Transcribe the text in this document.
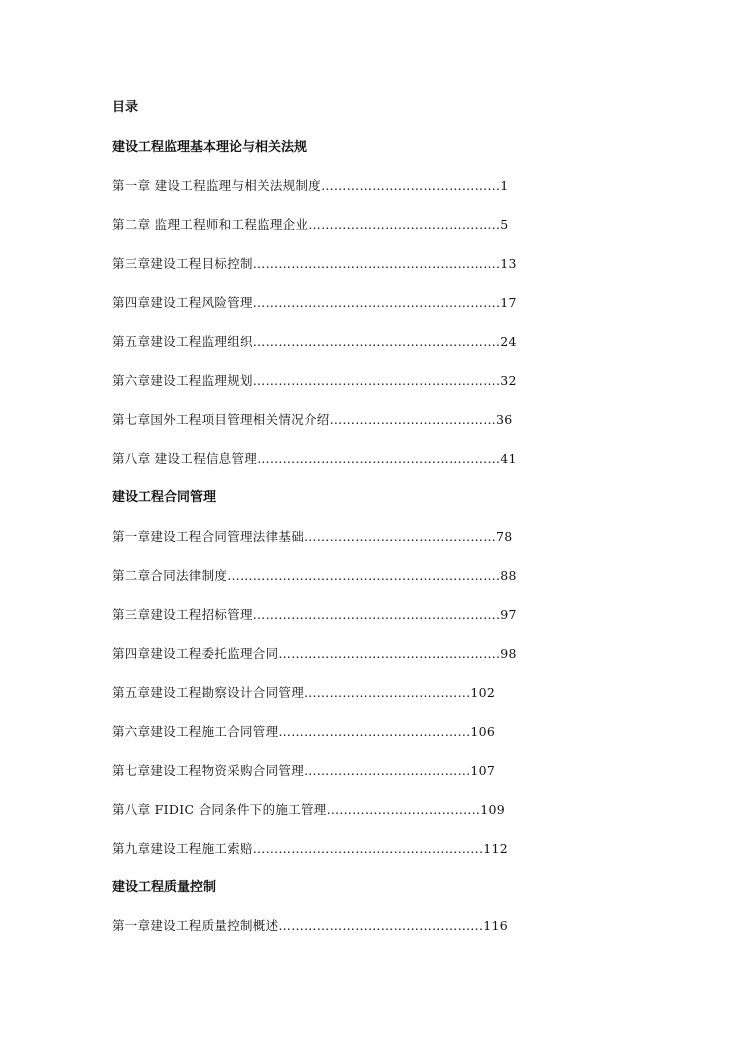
目录
建设工程监理基本理论与相关法规
第一章 建设工程监理与相关法规制度…………………………………...1
第二章 监理工程师和工程监理企业………………………………….…..5
第三章建设工程目标控制………………………………………………….13
第四章建设工程风险管理………………………………………………….17
第五章建设工程监理组织………………………………………………….24
第六章建设工程监理规划………………………………………………….32
第七章国外工程项目管理相关情况介绍…………………………………36
第八章 建设工程信息管理…………………………………………………41
建设工程合同管理
第一章建设工程合同管理法律基础………………………………………78
第二章合同法律制度……………………………………………………….88
第三章建设工程招标管理………………………………………………….97
第四章建设工程委托监理合同…………………………………………….98
第五章建设工程勘察设计合同管理………………………………...102
第六章建设工程施工合同管理……………………………………...106
第七章建设工程物资采购合同管理………………………………...107
第八章 FIDIC 合同条件下的施工管理……………………………...109
第九章建设工程施工索赔……………………………………………...112
建设工程质量控制
第一章建设工程质量控制概述………………………………………...116
